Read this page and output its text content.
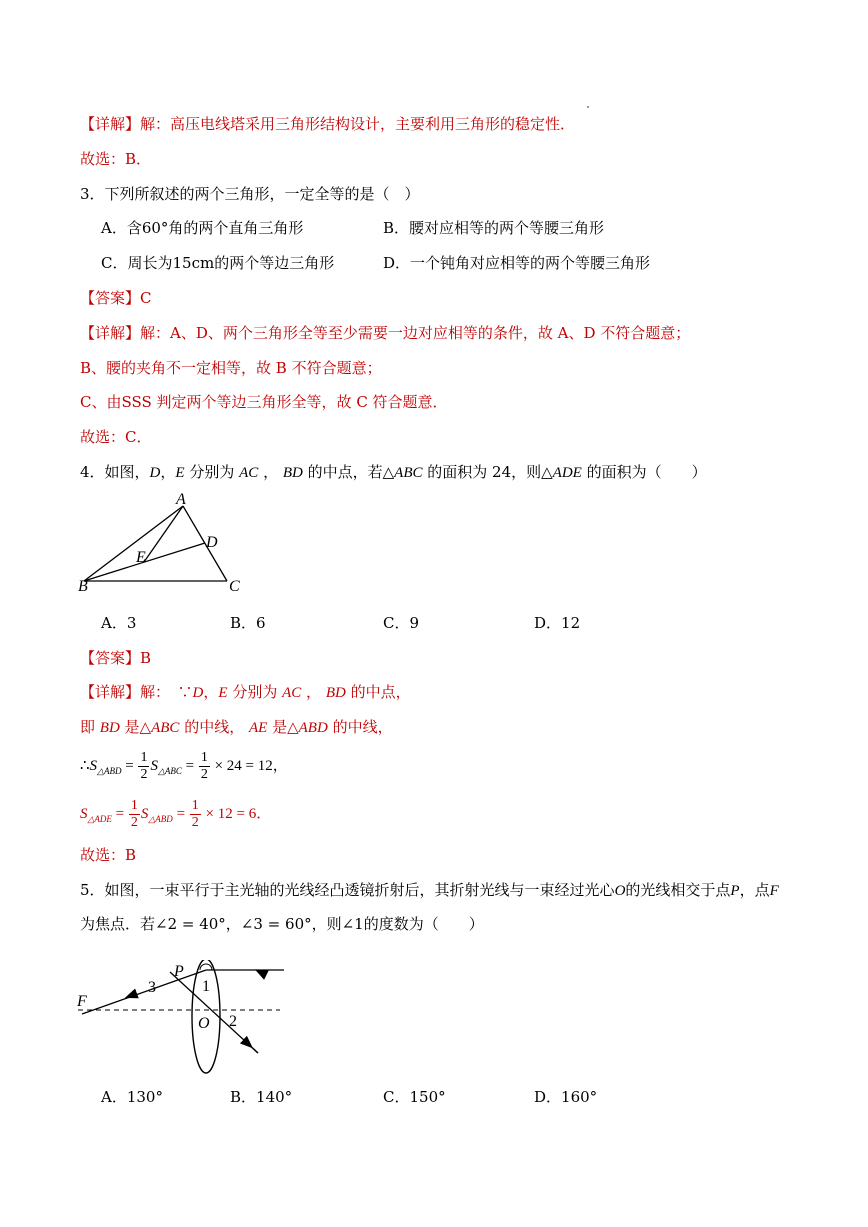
【详解】解：高压电线塔采用三角形结构设计，主要利用三角形的稳定性．
故选：B．
3．下列所叙述的两个三角形，一定全等的是（　）
A．含60°角的两个直角三角形	B．腰对应相等的两个等腰三角形
C．周长为15cm的两个等边三角形	D．一个钝角对应相等的两个等腰三角形
【答案】C
【详解】解：A、D、两个三角形全等至少需要一边对应相等的条件，故 A、D 不符合题意；
B、腰的夹角不一定相等，故 B 不符合题意；
C、由SSS 判定两个等边三角形全等，故 C 符合题意．
故选：C．
4．如图，D，E 分别为 AC ， BD 的中点，若△ABC 的面积为 24，则△ADE 的面积为（　　）
A
D
E
B	C
A．3	B．6	C．9	D．12
【答案】B
【详解】解：　∵D，E 分别为 AC ， BD 的中点，
即 BD 是△ABC 的中线， AE 是△ABD 的中线，
$\therefore S_{\triangle ABD} = \frac{1}{2} S_{\triangle ABC} = \frac{1}{2} \times 24 = 12$，
$S_{\triangle ADE} = \frac{1}{2} S_{\triangle ABD} = \frac{1}{2} \times 12 = 6$．
故选：B
5．如图，一束平行于主光轴的光线经凸透镜折射后，其折射光线与一束经过光心O的光线相交于点P，点F
为焦点．若∠2 = 40°，∠3 = 60°，则∠1的度数为（　　）
F
P
3	1
O 2
A．130°	B．140°	C．150°	D．160°
